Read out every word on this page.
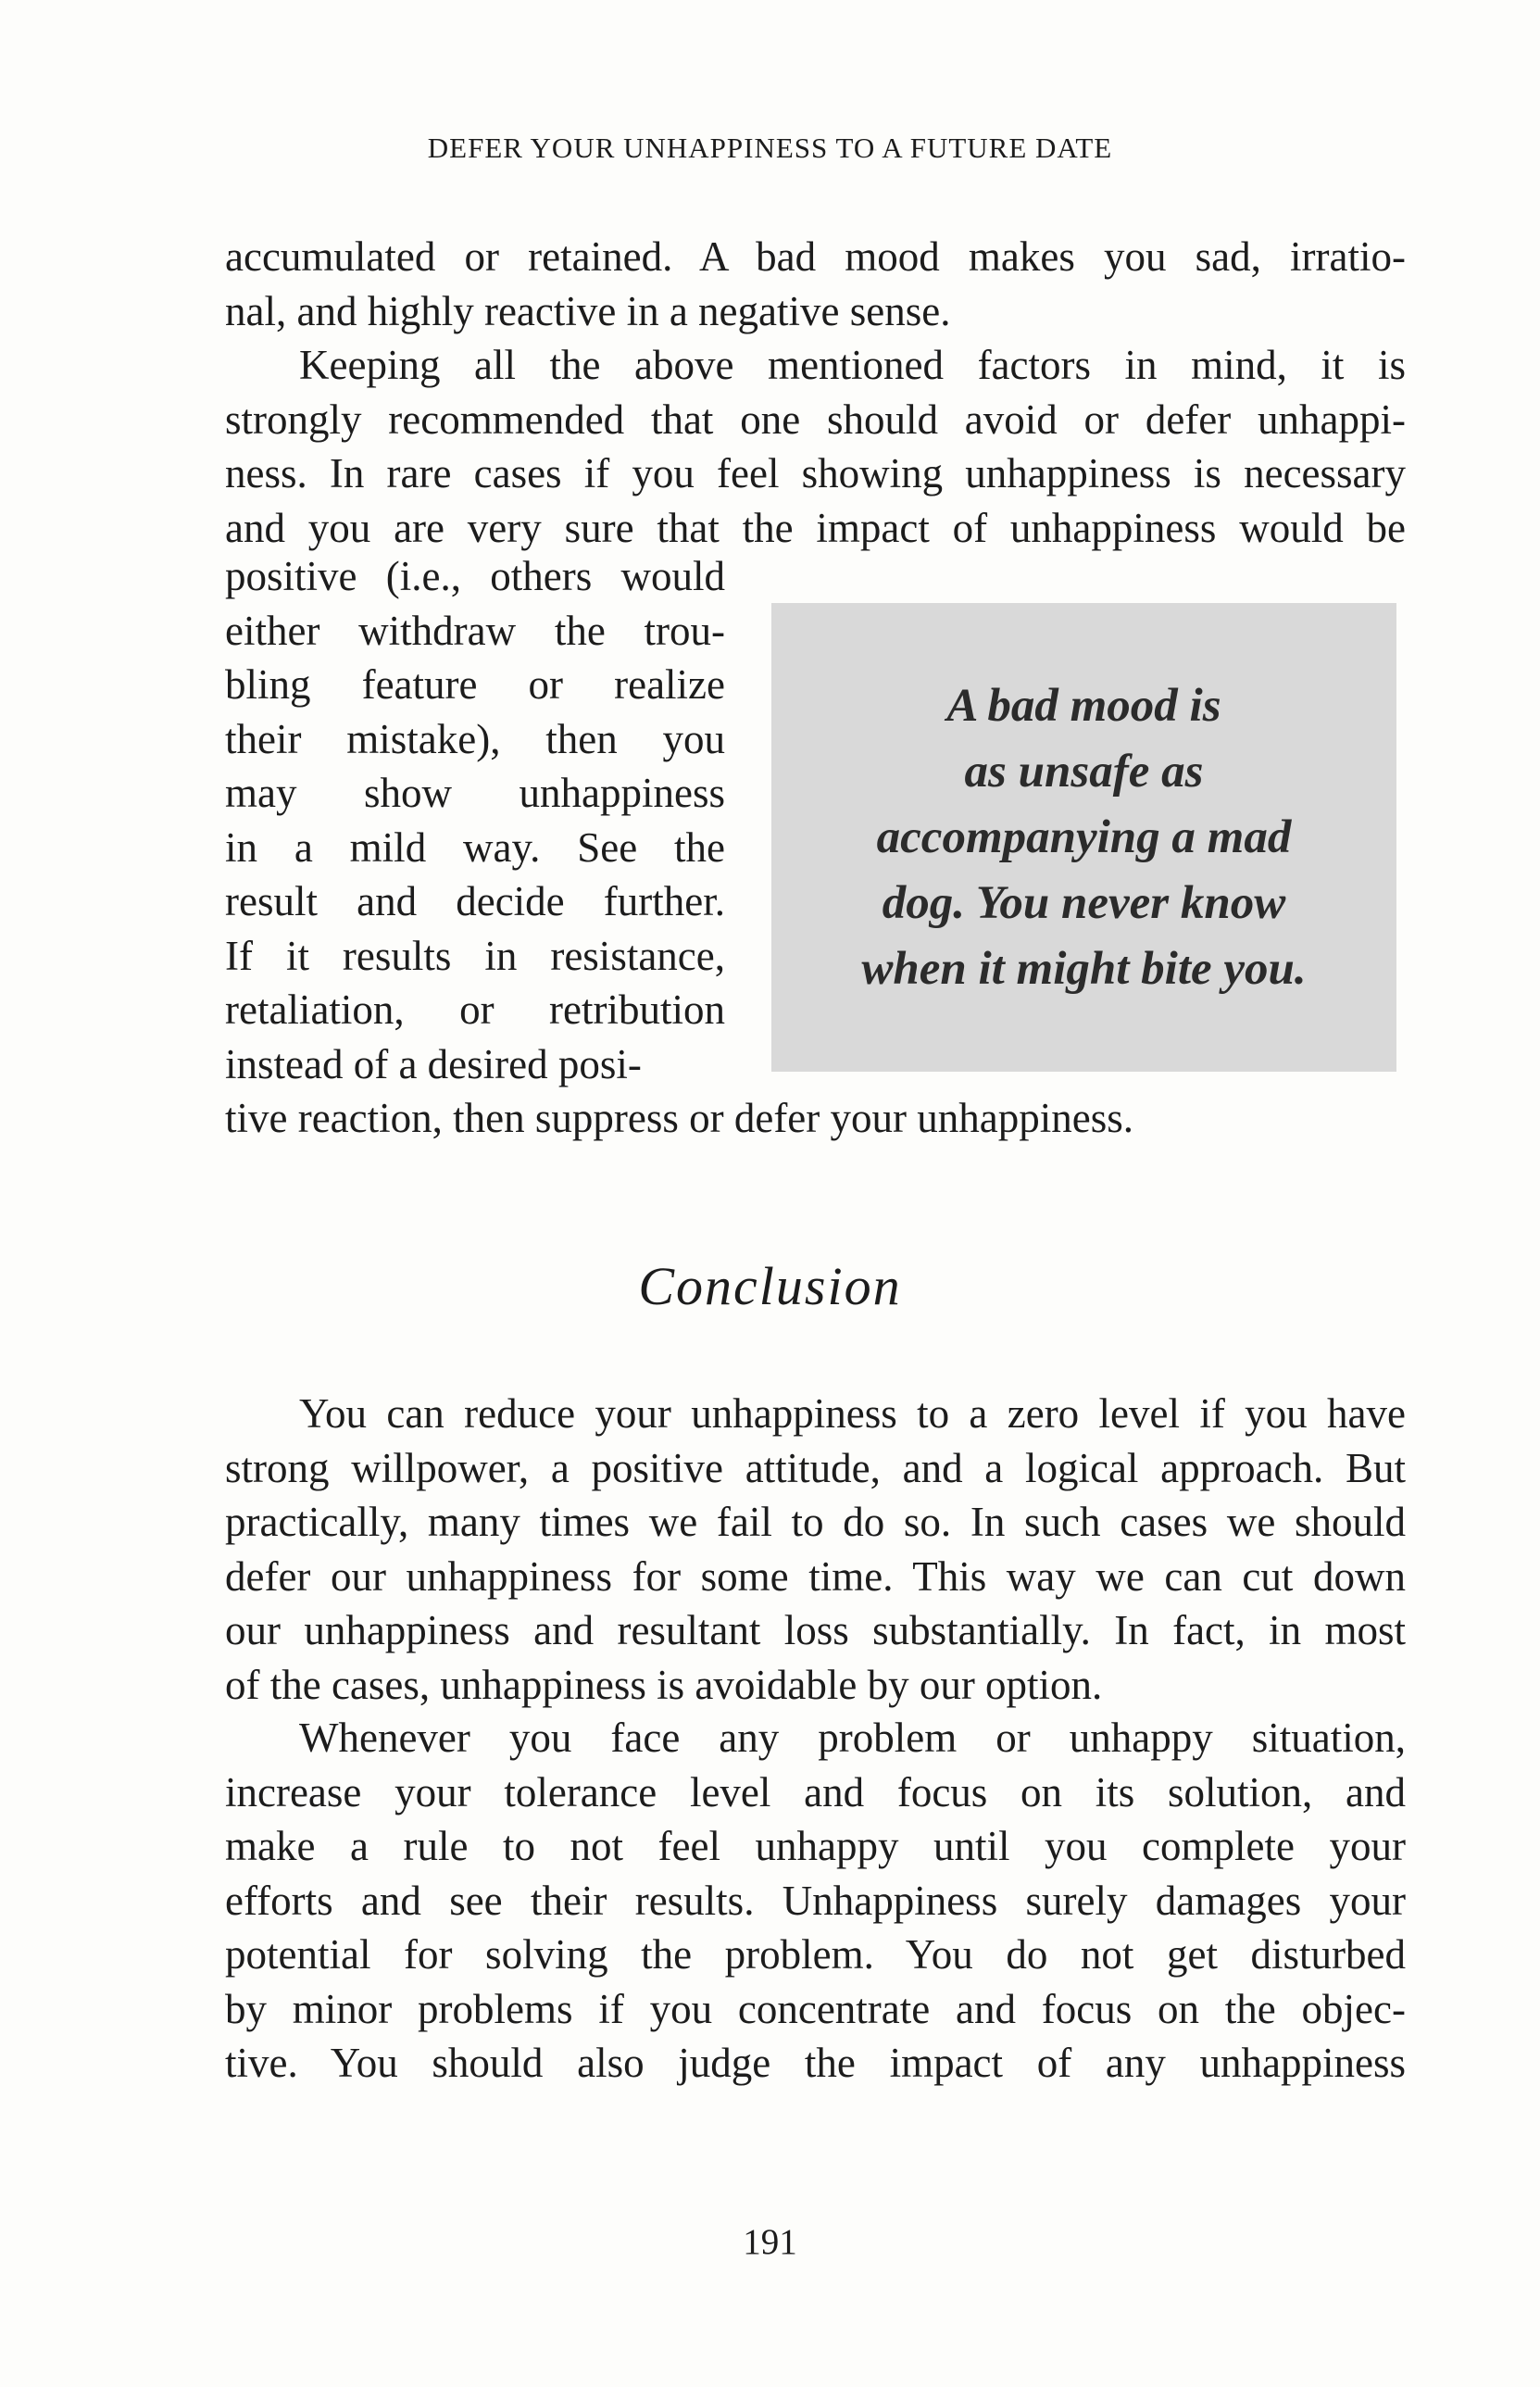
DEFER YOUR UNHAPPINESS TO A FUTURE DATE
accumulated or retained. A bad mood makes you sad, irratio-
nal, and highly reactive in a negative sense.
Keeping all the above mentioned factors in mind, it is
strongly recommended that one should avoid or defer unhappi-
ness. In rare cases if you feel showing unhappiness is necessary
and you are very sure that the impact of unhappiness would be
positive (i.e., others would
either withdraw the trou-
bling feature or realize
their mistake), then you
may show unhappiness
in a mild way. See the
result and decide further.
If it results in resistance,
retaliation, or retribution
instead of a desired posi-
tive reaction, then suppress or defer your unhappiness.
A bad mood is
as unsafe as
accompanying a mad
dog. You never know
when it might bite you.
Conclusion
You can reduce your unhappiness to a zero level if you have
strong willpower, a positive attitude, and a logical approach. But
practically, many times we fail to do so. In such cases we should
defer our unhappiness for some time. This way we can cut down
our unhappiness and resultant loss substantially. In fact, in most
of the cases, unhappiness is avoidable by our option.
Whenever you face any problem or unhappy situation,
increase your tolerance level and focus on its solution, and
make a rule to not feel unhappy until you complete your
efforts and see their results. Unhappiness surely damages your
potential for solving the problem. You do not get disturbed
by minor problems if you concentrate and focus on the objec-
tive. You should also judge the impact of any unhappiness
191
